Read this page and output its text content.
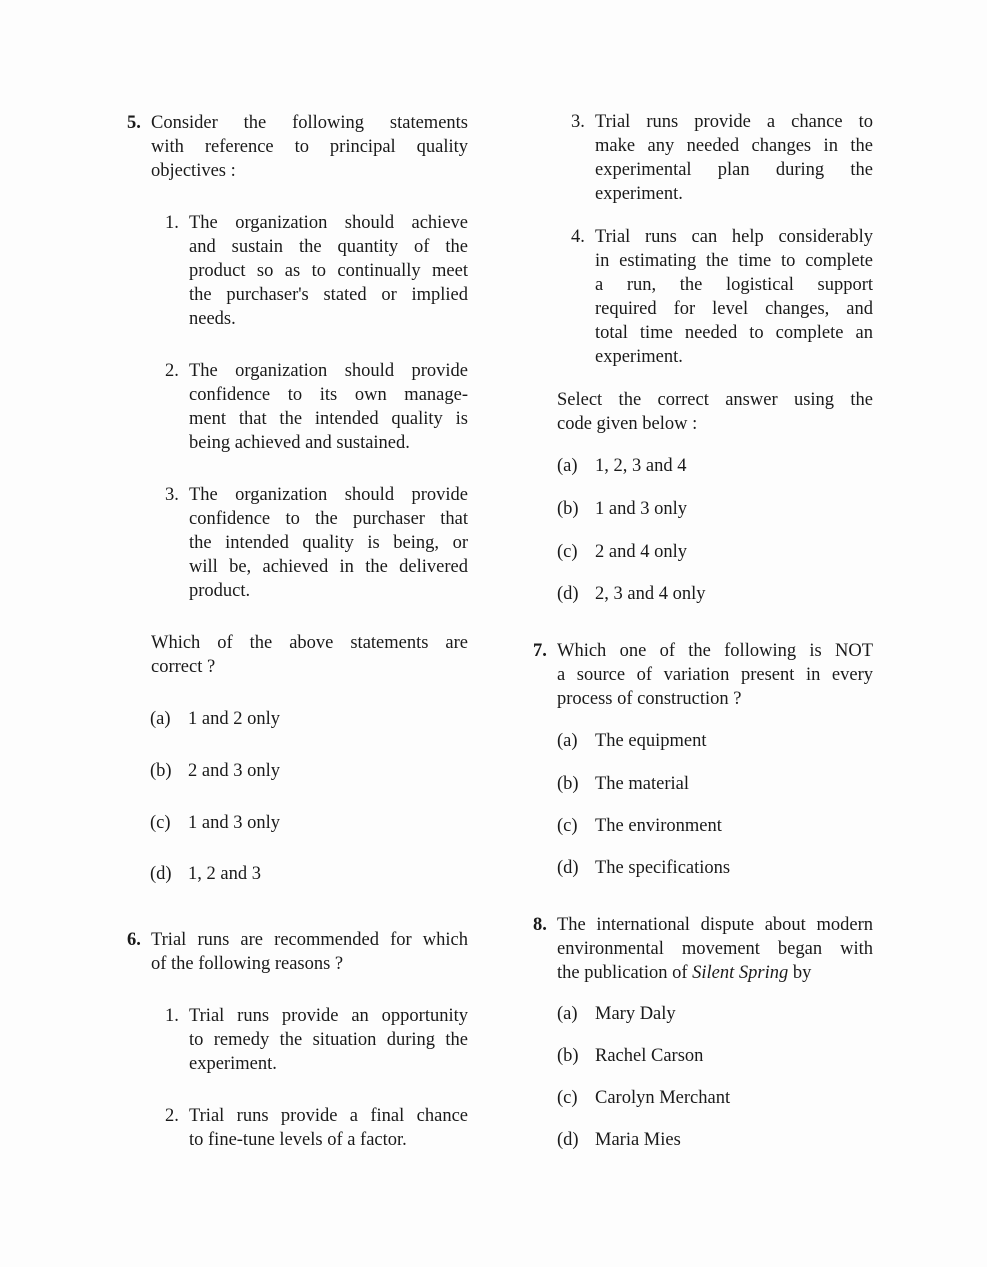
5. Consider the following statements
with reference to principal quality
objectives :
1. The organization should achieve
and sustain the quantity of the
product so as to continually meet
the purchaser's stated or implied
needs.
2. The organization should provide
confidence to its own manage-
ment that the intended quality is
being achieved and sustained.
3. The organization should provide
confidence to the purchaser that
the intended quality is being, or
will be, achieved in the delivered
product.
Which of the above statements are
correct ?
(a) 1 and 2 only
(b) 2 and 3 only
(c) 1 and 3 only
(d) 1, 2 and 3
6. Trial runs are recommended for which
of the following reasons ?
1. Trial runs provide an opportunity
to remedy the situation during the
experiment.
2. Trial runs provide a final chance
to fine-tune levels of a factor.
3. Trial runs provide a chance to
make any needed changes in the
experimental plan during the
experiment.
4. Trial runs can help considerably
in estimating the time to complete
a run, the logistical support
required for level changes, and
total time needed to complete an
experiment.
Select the correct answer using the
code given below :
(a) 1, 2, 3 and 4
(b) 1 and 3 only
(c) 2 and 4 only
(d) 2, 3 and 4 only
7. Which one of the following is NOT
a source of variation present in every
process of construction ?
(a) The equipment
(b) The material
(c) The environment
(d) The specifications
8. The international dispute about modern
environmental movement began with
the publication of Silent Spring by
(a) Mary Daly
(b) Rachel Carson
(c) Carolyn Merchant
(d) Maria Mies
